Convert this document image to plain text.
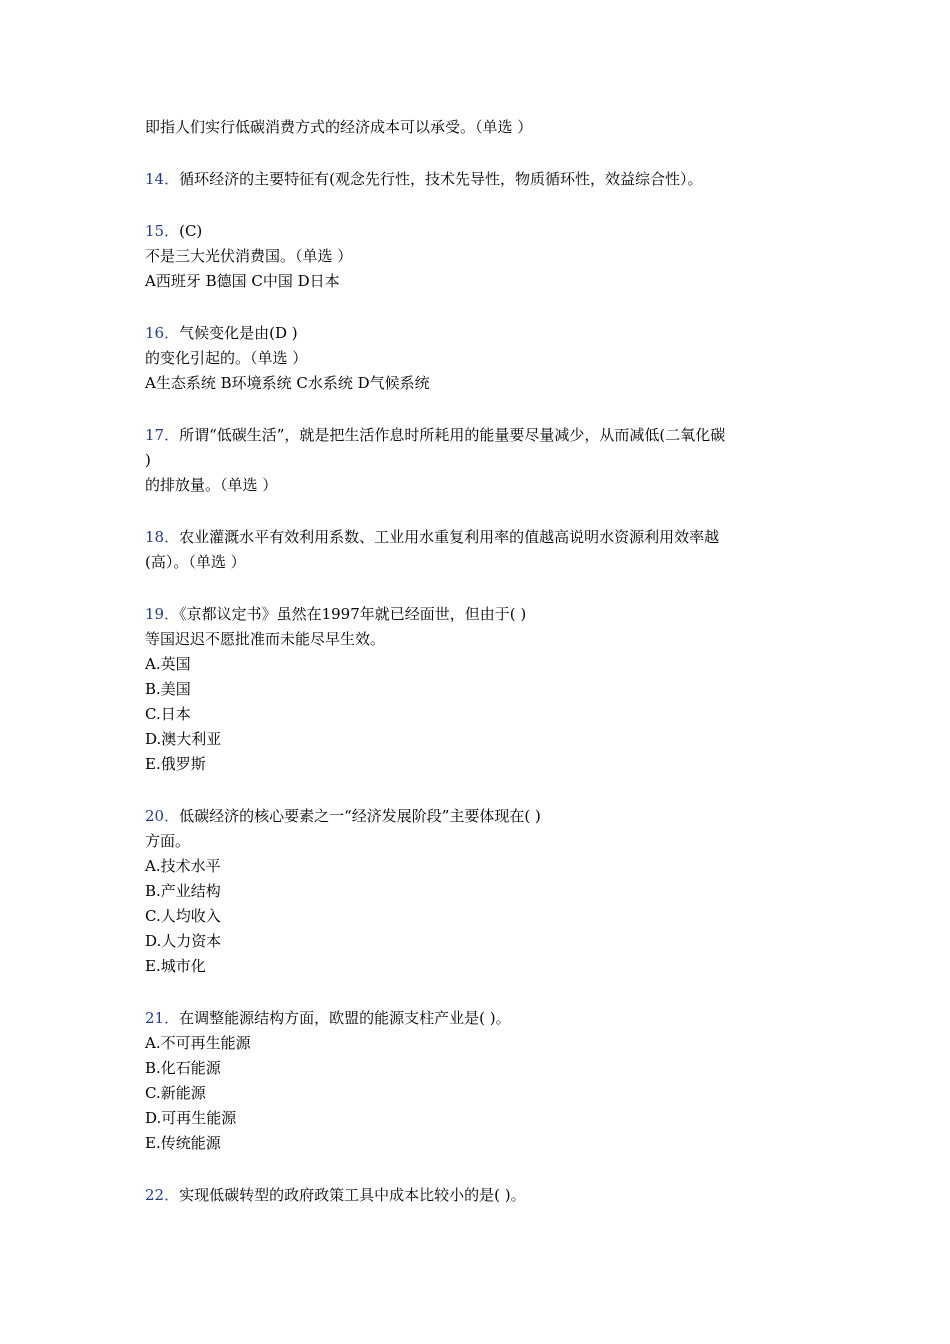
即指人们实行低碳消费方式的经济成本可以承受。（单选 ）
14．循环经济的主要特征有(观念先行性，技术先导性，物质循环性，效益综合性）。
15．(C)
不是三大光伏消费国。（单选 ）
A西班牙 B德国 C中国 D日本
16．气候变化是由(D )
的变化引起的。（单选 ）
A生态系统 B环境系统 C水系统 D气候系统
17．所谓“低碳生活”，就是把生活作息时所耗用的能量要尽量减少，从而减低(二氧化碳
)
的排放量。（单选 ）
18．农业灌溉水平有效利用系数、工业用水重复利用率的值越高说明水资源利用效率越
(高）。（单选 ）
19．《京都议定书》虽然在1997年就已经面世，但由于( )
等国迟迟不愿批准而未能尽早生效。
A.英国
B.美国
C.日本
D.澳大利亚
E.俄罗斯
20．低碳经济的核心要素之一“经济发展阶段”主要体现在( )
方面。
A.技术水平
B.产业结构
C.人均收入
D.人力资本
E.城市化
21．在调整能源结构方面，欧盟的能源支柱产业是( )。
A.不可再生能源
B.化石能源
C.新能源
D.可再生能源
E.传统能源
22．实现低碳转型的政府政策工具中成本比较小的是( )。
